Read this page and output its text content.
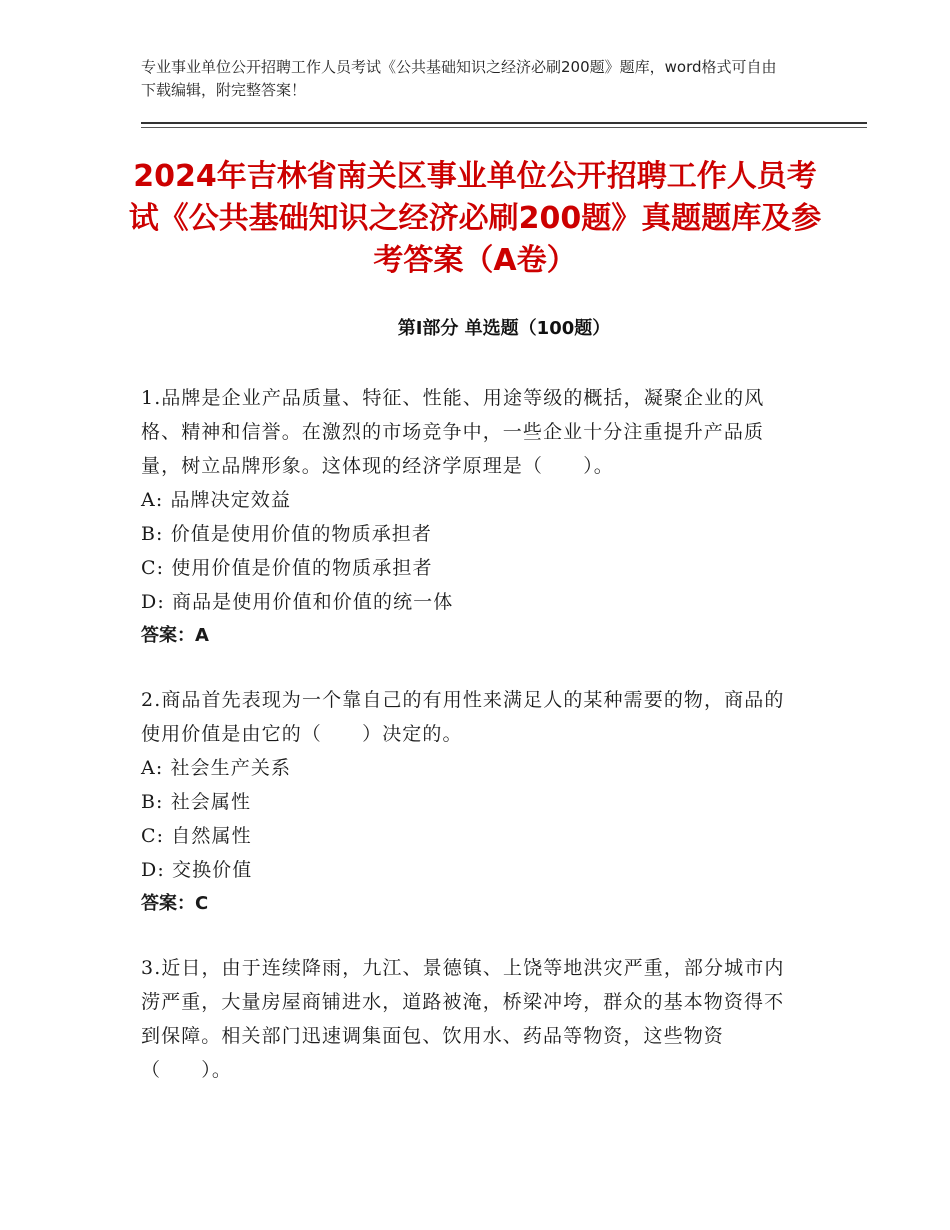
专业事业单位公开招聘工作人员考试《公共基础知识之经济必刷200题》题库，word格式可自由下载编辑，附完整答案！
2024年吉林省南关区事业单位公开招聘工作人员考试《公共基础知识之经济必刷200题》真题题库及参考答案（A卷）
第Ⅰ部分 单选题（100题）

1.品牌是企业产品质量、特征、性能、用途等级的概括，凝聚企业的风格、精神和信誉。在激烈的市场竞争中，一些企业十分注重提升产品质量，树立品牌形象。这体现的经济学原理是（　　）。

A: 品牌决定效益

B: 价值是使用价值的物质承担者

C: 使用价值是价值的物质承担者

D: 商品是使用价值和价值的统一体

答案：A

2.商品首先表现为一个靠自己的有用性来满足人的某种需要的物，商品的使用价值是由它的（　　）决定的。

A: 社会生产关系

B: 社会属性

C: 自然属性

D: 交换价值

答案：C

3.近日，由于连续降雨，九江、景德镇、上饶等地洪灾严重，部分城市内涝严重，大量房屋商铺进水，道路被淹，桥梁冲垮，群众的基本物资得不到保障。相关部门迅速调集面包、饮用水、药品等物资，这些物资（　　）。
